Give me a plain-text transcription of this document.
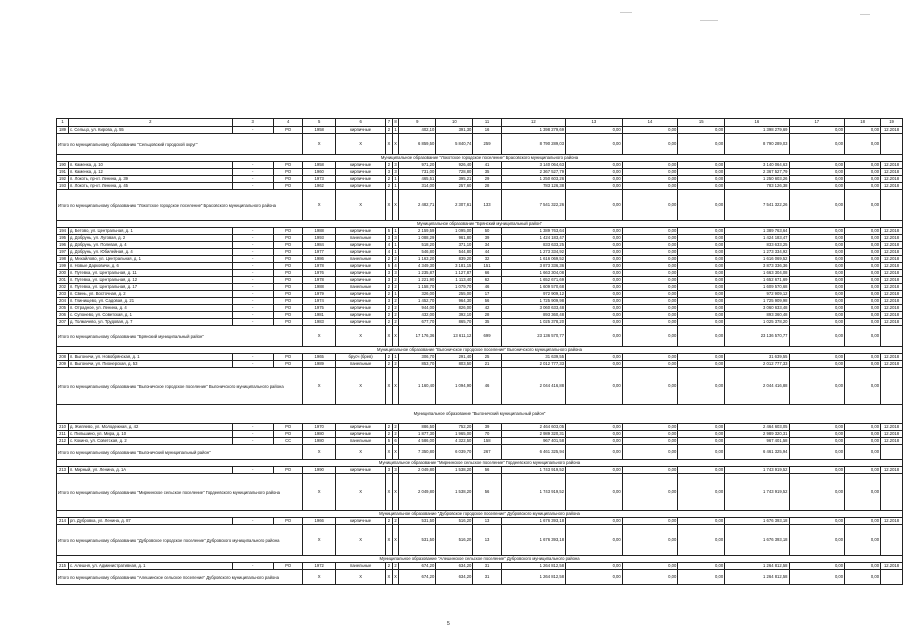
1	2	3	4	5	6	7	8	9	10	11	12	13	14	15	16	17	18	19
189	с. Сельцо, ул. Кирова, д. 55	-	РО	1958	кирпичные	2	1	402,10	391,30	16	1 398 279,69	0,00	0,00	0,00	1 398 279,69	0,00	0,00	12.2018
Итого по муниципальному образованию "Сельцовский городской округ"				X	X	X	X	6 859,50	5 840,74	259	8 790 289,03	0,00	0,00	0,00	8 790 289,03	0,00	0,00	
Муниципальное образование "Локотское городское поселение" Брасовского муниципального района																		
190	п. Каменка, д. 10	-	РО	1958	кирпичные	2	3	971,20	926,40	41	3 140 064,63	0,00	0,00	0,00	3 140 064,63	0,00	0,00	12.2018
191	п. Каменка, д. 12	-	РО	1960	кирпичные	3	3	731,00	728,80	35	2 367 527,79	0,00	0,00	0,00	2 367 527,79	0,00	0,00	12.2018
192	п. Локоть, пр-кт. Ленина, д. 39	-	РО	1973	кирпичные	2	1	465,51	395,21	29	1 250 603,26	0,00	0,00	0,00	1 250 603,26	0,00	0,00	12.2018
193	п. Локоть, пр-кт. Ленина, д. 45	-	РО	1962	кирпичные	2	1	314,00	257,60	28	783 126,38	0,00	0,00	0,00	783 126,38	0,00	0,00	12.2018
Итого по муниципальному образованию "Локотское городское поселение" Брасовского муниципального района				X	X	X	X	2 482,71	2 307,61	133	7 541 322,26	0,00	0,00	0,00	7 541 322,26	0,00	0,00	
Муниципальное образование "Брянский муниципальный район"																		
194	д. Бетово, ул. Центральная, д. 1	-	РО	1988	кирпичные	5	1	2 159,59	1 095,00	50	1 389 763,64	0,00	0,00	0,00	1 389 763,64	0,00	0,00	12.2018
195	д. Добрунь, ул. Луговая, д. 2	-	РО	1993	панельные	3	3	1 088,29	961,80	39	1 424 183,47	0,00	0,00	0,00	1 424 183,47	0,00	0,00	12.2018
196	д. Добрунь, ул. Полевая, д. 4	-	РО	1984	кирпичные	4	1	518,20	371,10	34	833 633,25	0,00	0,00	0,00	833 633,25	0,00	0,00	12.2018
197	д. Добрунь, ул. Юбилейная, д. 4	-	РО	1977	кирпичные	4	1	546,80	544,80	44	1 273 334,92	0,00	0,00	0,00	1 273 334,92	0,00	0,00	12.2018
198	д. Михайлово, ул. Центральная, д. 1	-	РО	1986	панельные	2	2	1 163,20	839,20	32	1 616 069,52	0,00	0,00	0,00	1 616 069,52	0,00	0,00	12.2018
199	п. Новые Дарковичи, д. 6	-	РО	1978	кирпичные	5	4	4 349,30	3 181,15	151	3 873 336,36	0,00	0,00	0,00	3 873 336,36	0,00	0,00	12.2018
200	п. Путевка, ул. Центральная, д. 11	-	РО	1976	кирпичные	3	3	1 235,87	1 127,87	66	1 663 304,08	0,00	0,00	0,00	1 663 304,08	0,00	0,00	12.2018
201	п. Путевка, ул. Центральная, д. 12	-	РО	1978	кирпичные	3	2	1 221,90	1 113,40	62	1 652 671,69	0,00	0,00	0,00	1 652 671,69	0,00	0,00	12.2018
202	п. Путевка, ул. Центральная, д. 17	-	РО	1988	панельные	2	2	1 158,70	1 079,70	46	1 609 570,68	0,00	0,00	0,00	1 609 570,68	0,00	0,00	12.2018
203	п. Свень, ул. Восточная, д. 2	-	РО	1979	кирпичные	2	1	326,00	255,00	17	972 909,12	0,00	0,00	0,00	972 909,12	0,00	0,00	12.2018
204	п. Глинищево, ул. Садовая, д. 21	-	РО	1974	кирпичные	3	2	1 452,70	964,30	56	1 725 909,98	0,00	0,00	0,00	1 725 909,98	0,00	0,00	12.2018
205	п. Отрадное, ул. Ленина, д. 4	-	РО	1975	кирпичные	2	2	944,00	826,00	42	3 060 633,48	0,00	0,00	0,00	3 060 633,48	0,00	0,00	12.2018
206	с. Супонево, ул. Советская, д. 1	-	РО	1981	кирпичные	2	2	432,00	392,10	28	893 360,48	0,00	0,00	0,00	893 360,48	0,00	0,00	12.2018
207	д. Толмачево, ул. Трудовая, д. 7	-	РО	1983	кирпичные	2	2	677,70	865,70	35	1 025 378,20	0,00	0,00	0,00	1 025 378,20	0,00	0,00	12.2018
Итого по муниципальному образованию "Брянский муниципальный район"				X	X	X	X	17 176,36	13 611,12	699	23 136 570,77	0,00	0,00	0,00	23 136 570,77	0,00	0,00	
Муниципальное образование "Выгоничское городское поселение" Выгоничского муниципального района																		
208	п. Выгоничи, ул. Новобрянская, д. 1	-	РО	1965	брусч (брев)	2	1	306,70	291,40	25	31 639,55	0,00	0,00	0,00	31 639,55	0,00	0,00	12.2018
209	п. Выгоничи, ул. Пионерская, д. 53	-	РО	1989	панельные	2	2	853,70	803,50	21	2 012 777,33	0,00	0,00	0,00	2 012 777,33	0,00	0,00	12.2018
Итого по муниципальному образованию "Выгоничское городское поселение" Выгоничского муниципального района				X	X	X	X	1 160,40	1 094,90	46	2 044 416,88	0,00	0,00	0,00	2 044 416,88	0,00	0,00	
Муниципальное образование "Выгоничский муниципальный район"																		
210	д. Жиляево, ул. Молодежная, д. 42	-	РО	1970	кирпичные	2	2	886,50	752,20	39	2 464 603,05	0,00	0,00	0,00	2 464 603,05	0,00	0,00	12.2018
211	с. Пильшино, ул. Мира, д. 10	-	РО	1980	кирпичные	2	2	1 877,30	1 965,00	70	2 989 320,31	0,00	0,00	0,00	2 989 320,31	0,00	0,00	12.2018
212	с. Кокино, ул. Советская, д. 2	-	СС	1980	панельные	5	6	4 586,00	4 322,50	158	967 401,58	0,00	0,00	0,00	967 401,58	0,00	0,00	12.2018
Итого по муниципальному образованию "Выгоничский муниципальный район"				X	X	X	X	7 350,80	6 039,70	267	6 461 325,94	0,00	0,00	0,00	6 461 325,94	0,00	0,00	
Муниципальное образование "Мирнинское сельское поселение" Гордеевского муниципального района																		
213	п. Мирный, ул. Ленина, д. 1А	-	РО	1990	кирпичные	3	3	2 049,80	1 538,20	56	1 743 919,52	0,00	0,00	0,00	1 743 919,52	0,00	0,00	12.2018
Итого по муниципальному образованию "Мирнинское сельское поселение" Гордеевского муниципального района				X	X	X	X	2 049,80	1 538,20	56	1 743 919,52	0,00	0,00	0,00	1 743 919,52	0,00	0,00	
Муниципальное образование "Дубровское городское поселение" Дубровского муниципального района																		
214	рп. Дубровка, ул. Ленина, д. 87	-	РО	1966	кирпичные	2	2	531,50	516,20	13	1 676 393,18	0,00	0,00	0,00	1 676 393,18	0,00	0,00	12.2018
Итого по муниципальному образованию "Дубровское городское поселение" Дубровского муниципального района				X	X	X	X	531,50	516,20	13	1 676 393,18	0,00	0,00	0,00	1 676 393,18	0,00	0,00	
Муниципальное образование "Алешинское сельское поселение" Дубровского муниципального района																		
215	с. Алешня, ул. Административная, д. 1	-	РО	1972	панельные	2	2	674,20	634,20	31	1 264 812,58	0,00	0,00	0,00	1 264 812,58	0,00	0,00	12.2018
Итого по муниципальному образованию "Алешинское сельское поселение" Дубровского муниципального района				X	X	X	X	674,20	634,20	31	1 264 812,58	0,00	0,00	0,00	1 264 812,58	0,00	0,00	
5
